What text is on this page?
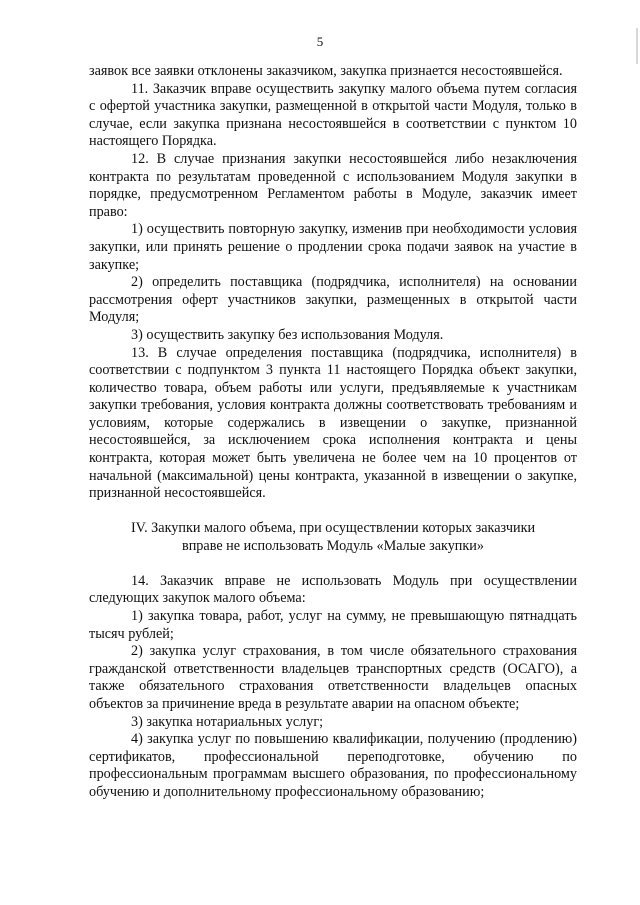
5

заявок все заявки отклонены заказчиком, закупка признается несостоявшейся.

11. Заказчик вправе осуществить закупку малого объема путем согласия с офертой участника закупки, размещенной в открытой части Модуля, только в случае, если закупка признана несостоявшейся в соответствии с пунктом 10 настоящего Порядка.

12. В случае признания закупки несостоявшейся либо незаключения контракта по результатам проведенной с использованием Модуля закупки в порядке, предусмотренном Регламентом работы в Модуле, заказчик имеет право:

1) осуществить повторную закупку, изменив при необходимости условия закупки, или принять решение о продлении срока подачи заявок на участие в закупке;

2) определить поставщика (подрядчика, исполнителя) на основании рассмотрения оферт участников закупки, размещенных в открытой части Модуля;

3) осуществить закупку без использования Модуля.

13. В случае определения поставщика (подрядчика, исполнителя) в соответствии с подпунктом 3 пункта 11 настоящего Порядка объект закупки, количество товара, объем работы или услуги, предъявляемые к участникам закупки требования, условия контракта должны соответствовать требованиям и условиям, которые содержались в извещении о закупке, признанной несостоявшейся, за исключением срока исполнения контракта и цены контракта, которая может быть увеличена не более чем на 10 процентов от начальной (максимальной) цены контракта, указанной в извещении о закупке, признанной несостоявшейся.

IV. Закупки малого объема, при осуществлении которых заказчики
вправе не использовать Модуль «Малые закупки»

14. Заказчик вправе не использовать Модуль при осуществлении следующих закупок малого объема:

1) закупка товара, работ, услуг на сумму, не превышающую пятнадцать тысяч рублей;

2) закупка услуг страхования, в том числе обязательного страхования гражданской ответственности владельцев транспортных средств (ОСАГО), а также обязательного страхования ответственности владельцев опасных объектов за причинение вреда в результате аварии на опасном объекте;

3) закупка нотариальных услуг;

4) закупка услуг по повышению квалификации, получению (продлению) сертификатов, профессиональной переподготовке, обучению по профессиональным программам высшего образования, по профессиональному обучению и дополнительному профессиональному образованию;
